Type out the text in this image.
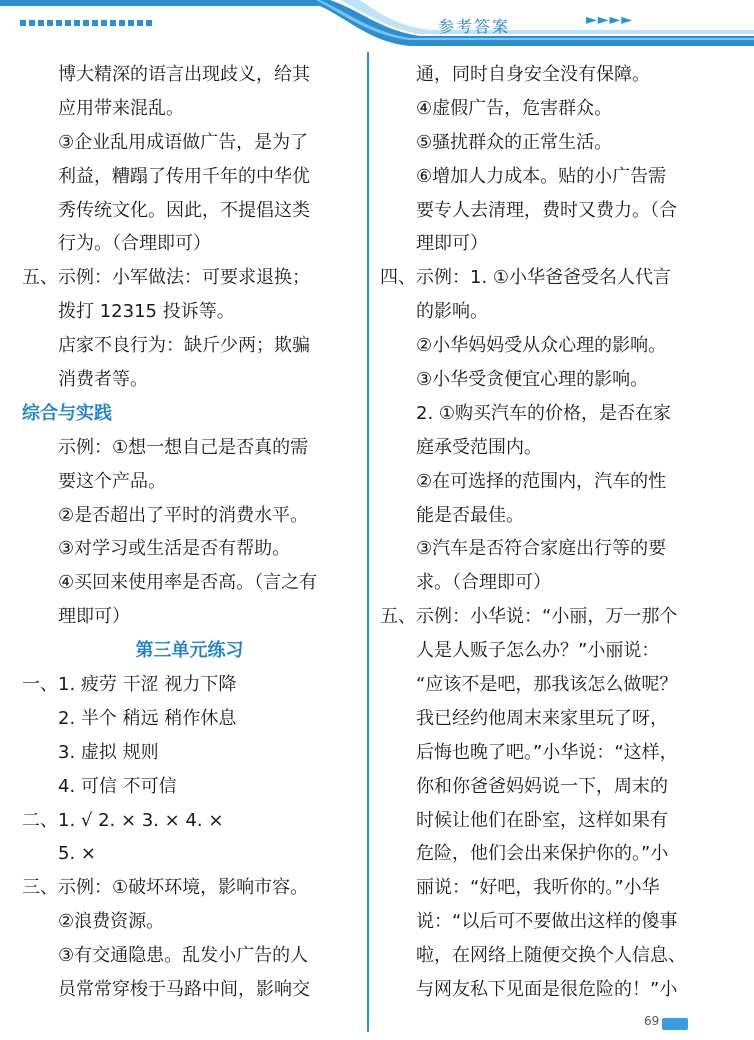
参考答案	►►►►
博大精深的语言出现歧义，给其
应用带来混乱。
③企业乱用成语做广告，是为了
利益，糟蹋了传用千年的中华优
秀传统文化。因此，不提倡这类
行为。（合理即可）
五、示例：小军做法：可要求退换；
拨打 12315 投诉等。
店家不良行为：缺斤少两；欺骗
消费者等。
综合与实践
示例：①想一想自己是否真的需
要这个产品。
②是否超出了平时的消费水平。
③对学习或生活是否有帮助。
④买回来使用率是否高。（言之有
理即可）
第三单元练习
一、1. 疲劳 干涩 视力下降
2. 半个 稍远 稍作休息
3. 虚拟 规则
4. 可信 不可信
二、1. √ 2. × 3. × 4. ×
5. ×
三、示例：①破坏环境，影响市容。
②浪费资源。
③有交通隐患。乱发小广告的人
员常常穿梭于马路中间，影响交
通，同时自身安全没有保障。
④虚假广告，危害群众。
⑤骚扰群众的正常生活。
⑥增加人力成本。贴的小广告需
要专人去清理，费时又费力。（合
理即可）
四、示例：1. ①小华爸爸受名人代言
的影响。
②小华妈妈受从众心理的影响。
③小华受贪便宜心理的影响。
2. ①购买汽车的价格，是否在家
庭承受范围内。
②在可选择的范围内，汽车的性
能是否最佳。
③汽车是否符合家庭出行等的要
求。（合理即可）
五、示例：小华说：“小丽，万一那个
人是人贩子怎么办？”小丽说：
“应该不是吧，那我该怎么做呢？
我已经约他周末来家里玩了呀，
后悔也晚了吧。”小华说：“这样，
你和你爸爸妈妈说一下，周末的
时候让他们在卧室，这样如果有
危险，他们会出来保护你的。”小
丽说：“好吧，我听你的。”小华
说：“以后可不要做出这样的傻事
啦，在网络上随便交换个人信息、
与网友私下见面是很危险的！”小
69
